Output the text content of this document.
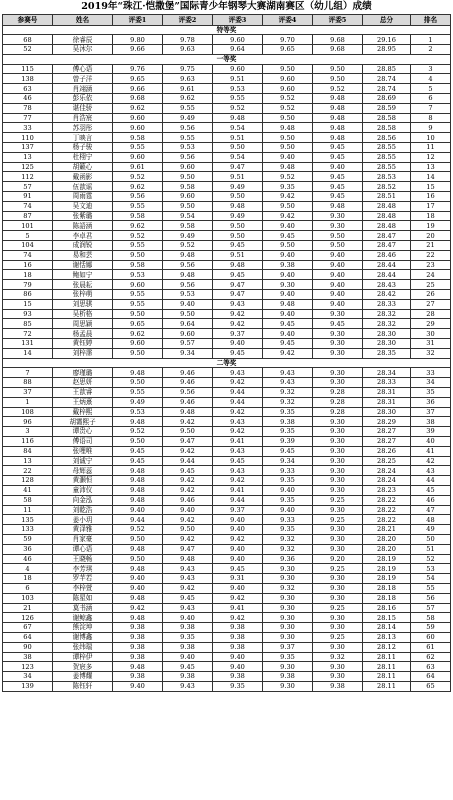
2019年“珠江·恺撒堡”国际青少年钢琴大赛湖南赛区（幼儿组）成绩
参赛号	姓名	评委1	评委2	评委3	评委4	评委5	总分	排名
特等奖								
68	徐睿辰	9.80	9.78	9.60	9.70	9.68	29.16	1
52	吴沐尔	9.66	9.63	9.64	9.65	9.68	28.95	2
一等奖								
115	傅心语	9.76	9.75	9.60	9.50	9.50	28.85	3
138	曾子洋	9.65	9.63	9.51	9.60	9.50	28.74	4
63	肖翊涵	9.66	9.61	9.53	9.60	9.52	28.74	5
46	彭乐依	9.68	9.62	9.55	9.52	9.48	28.69	6
78	谌佳骄	9.62	9.55	9.52	9.52	9.48	28.59	7
77	肖浩宸	9.60	9.49	9.48	9.50	9.48	28.58	8
33	苏羽彤	9.60	9.56	9.54	9.48	9.48	28.58	9
110	丁映言	9.58	9.55	9.51	9.50	9.48	28.56	10
137	杨子骏	9.55	9.53	9.50	9.50	9.45	28.55	11
13	杜栩宁	9.60	9.56	9.54	9.40	9.45	28.55	12
125	胡籁心	9.61	9.60	9.47	9.48	9.40	28.55	13
112	戴函影	9.52	9.50	9.51	9.52	9.45	28.53	14
57	伍歆谣	9.62	9.58	9.49	9.35	9.45	28.52	15
91	周雨霆	9.56	9.60	9.50	9.42	9.45	28.51	16
74	吴文迪	9.55	9.50	9.48	9.50	9.48	28.48	17
87	张紫璐	9.58	9.54	9.49	9.42	9.30	28.48	18
101	陈語涵	9.62	9.58	9.50	9.40	9.30	28.48	19
5	李卓君	9.52	9.49	9.50	9.45	9.50	28.47	20
104	成润锐	9.55	9.52	9.45	9.50	9.50	28.47	21
74	易和芸	9.50	9.48	9.51	9.40	9.40	28.46	22
16	谢恬娜	9.58	9.56	9.48	9.38	9.40	28.44	23
18	鲍如宁	9.53	9.48	9.45	9.40	9.40	28.44	24
79	张晨耘	9.60	9.56	9.47	9.30	9.40	28.43	25
86	张梓萌	9.55	9.53	9.47	9.40	9.40	28.42	26
15	刘思骐	9.55	9.40	9.43	9.48	9.40	28.33	27
93	吴析格	9.50	9.50	9.42	9.40	9.30	28.32	28
85	周思颖	9.65	9.64	9.42	9.45	9.45	28.32	29
72	杨孟晨	9.62	9.60	9.37	9.40	9.30	28.30	30
131	黄钰婷	9.60	9.57	9.40	9.45	9.30	28.30	31
14	刘梓霈	9.50	9.34	9.45	9.42	9.30	28.35	32
二等奖								
7	廖瑾璐	9.48	9.46	9.43	9.43	9.30	28.34	33
88	赵思妍	9.50	9.46	9.42	9.43	9.30	28.33	34
37	王歆睿	9.55	9.56	9.44	9.32	9.28	28.31	35
1	王炳熹	9.49	9.46	9.44	9.32	9.28	28.31	36
108	戴梓熙	9.53	9.48	9.42	9.35	9.28	28.30	37
96	胡霭熙子	9.48	9.42	9.43	9.38	9.30	28.29	38
3	谭贵心	9.52	9.50	9.42	9.35	9.30	28.27	39
116	傅语司	9.50	9.47	9.41	9.39	9.30	28.27	40
84	张哩唯	9.45	9.42	9.43	9.45	9.30	28.26	41
13	刘诚宁	9.45	9.44	9.45	9.34	9.30	28.25	42
22	母辉蕊	9.48	9.45	9.43	9.33	9.30	28.24	43
128	黄灏恒	9.48	9.42	9.42	9.35	9.30	28.24	44
41	童沛仪	9.48	9.42	9.41	9.40	9.30	28.23	45
58	向金泓	9.48	9.46	9.44	9.35	9.25	28.22	46
11	刘乾浩	9.40	9.40	9.37	9.40	9.30	28.22	47
135	姜小玥	9.44	9.42	9.40	9.33	9.25	28.22	48
133	黄泽雅	9.52	9.50	9.40	9.35	9.30	28.21	49
59	肖家豪	9.50	9.42	9.42	9.32	9.30	28.20	50
36	谭心语	9.48	9.47	9.40	9.32	9.30	28.20	51
46	王晓畅	9.50	9.48	9.40	9.36	9.20	28.19	52
4	李芳琪	9.48	9.43	9.45	9.30	9.25	28.19	53
18	罗芊若	9.40	9.43	9.31	9.30	9.30	28.19	54
6	李梓萱	9.40	9.42	9.40	9.32	9.30	28.18	55
103	陈星如	9.48	9.45	9.42	9.30	9.30	28.18	56
21	莫书涵	9.42	9.43	9.41	9.30	9.25	28.16	57
126	谢鲸鑫	9.48	9.40	9.42	9.30	9.30	28.15	58
67	熊淀坤	9.38	9.38	9.38	9.30	9.30	28.14	59
64	谢博鑫	9.38	9.35	9.38	9.30	9.25	28.13	60
90	张纬瑞	9.38	9.38	9.38	9.37	9.30	28.12	61
38	谭梓伊	9.38	9.40	9.40	9.35	9.32	28.11	62
123	贺宸多	9.48	9.45	9.40	9.30	9.30	28.11	63
34	姜博耀	9.38	9.38	9.38	9.38	9.30	28.11	64
139	陈钰轩	9.40	9.43	9.35	9.30	9.38	28.11	65
